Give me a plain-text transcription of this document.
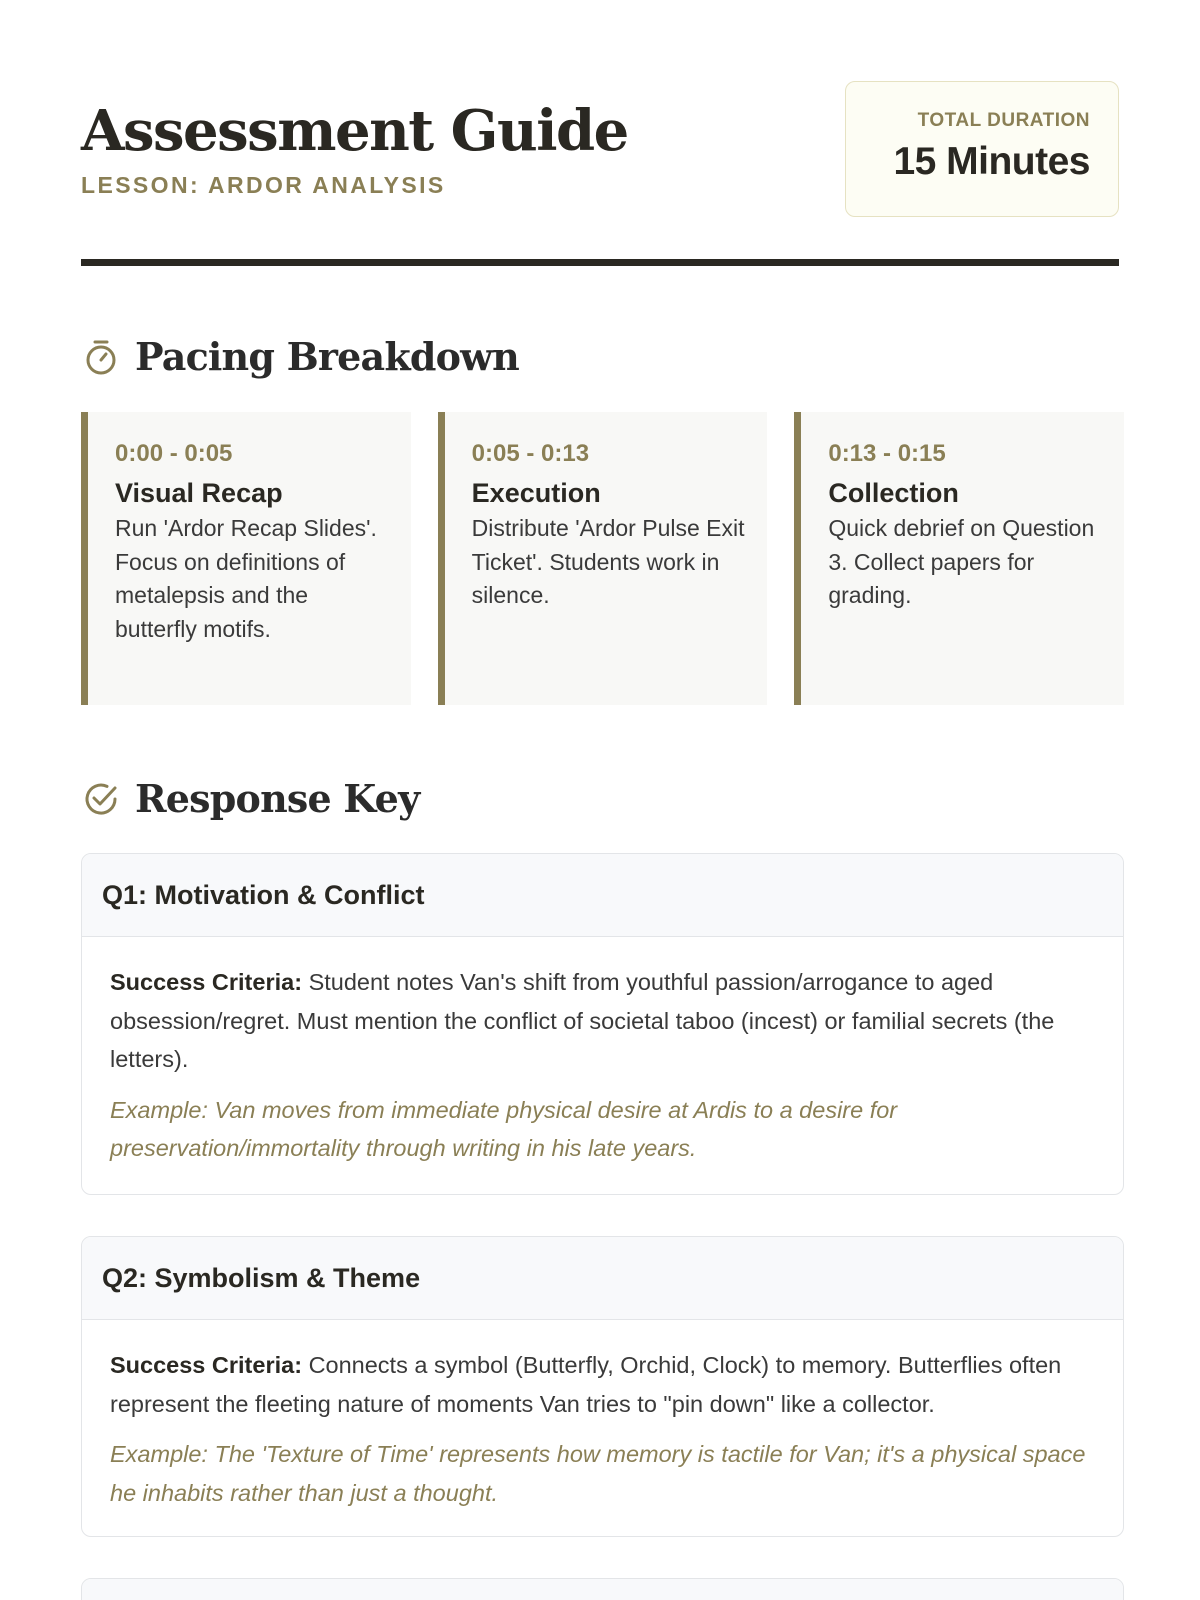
Assessment Guide
LESSON: ARDOR ANALYSIS
TOTAL DURATION
15 Minutes
Pacing Breakdown
0:00 - 0:05
Visual Recap
Run 'Ardor Recap Slides'. Focus on definitions of metalepsis and the butterfly motifs.
0:05 - 0:13
Execution
Distribute 'Ardor Pulse Exit Ticket'. Students work in silence.
0:13 - 0:15
Collection
Quick debrief on Question 3. Collect papers for grading.
Response Key
Q1: Motivation & Conflict

Success Criteria: Student notes Van's shift from youthful passion/arrogance to aged obsession/regret. Must mention the conflict of societal taboo (incest) or familial secrets (the letters).

Example: Van moves from immediate physical desire at Ardis to a desire for preservation/immortality through writing in his late years.

Q2: Symbolism & Theme

Success Criteria: Connects a symbol (Butterfly, Orchid, Clock) to memory. Butterflies often represent the fleeting nature of moments Van tries to "pin down" like a collector.

Example: The 'Texture of Time' represents how memory is tactile for Van; it's a physical space he inhabits rather than just a thought.
